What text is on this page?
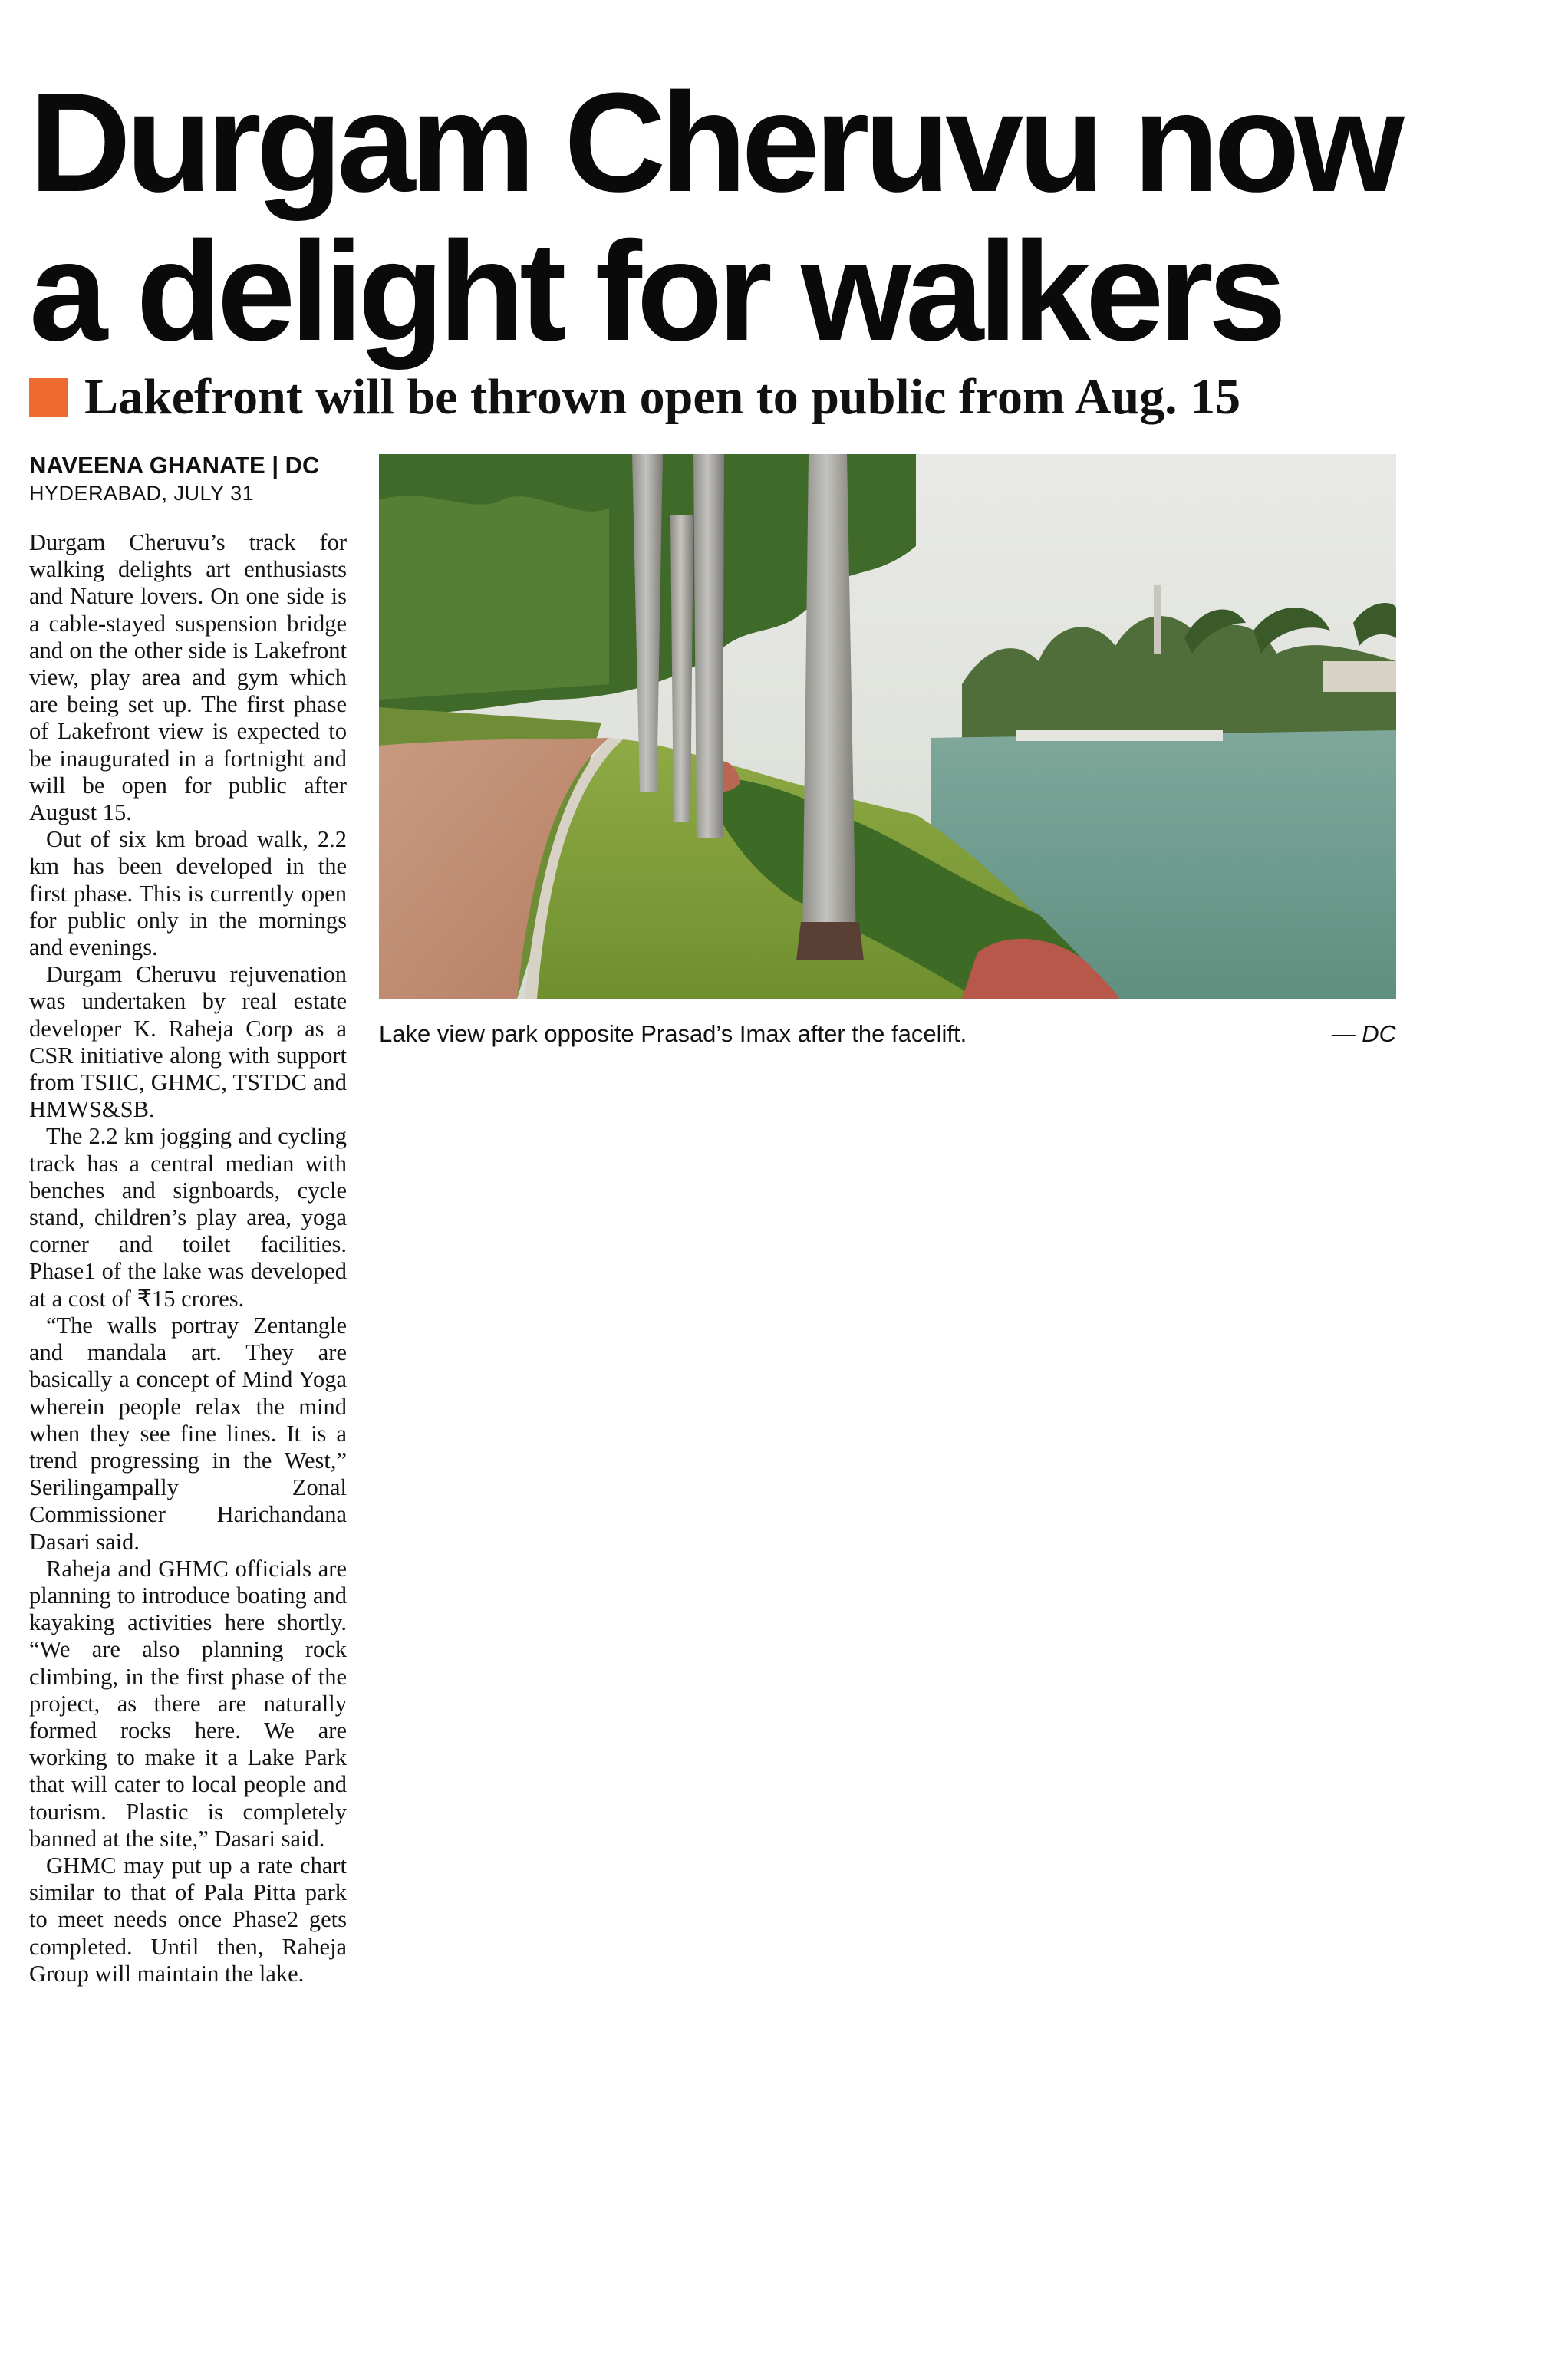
Durgam Cheruvu now
a delight for walkers
Lakefront will be thrown open to public from Aug. 15
NAVEENA GHANATE | DC
HYDERABAD, JULY 31

Durgam Cheruvu’s track for walking delights art enthusiasts and Nature lovers. On one side is a cable-stayed suspension bridge and on the other side is Lakefront view, play area and gym which are being set up. The first phase of Lakefront view is expected to be inaugurated in a fortnight and will be open for public after August 15.

Out of six km broad walk, 2.2 km has been developed in the first phase. This is currently open for public only in the mornings and evenings.

Durgam Cheruvu rejuvenation was undertaken by real estate developer K. Raheja Corp as a CSR initiative along with support from TSIIC, GHMC, TSTDC and HMWS&SB.

The 2.2 km jogging and cycling track has a central median with benches and signboards, cycle stand, children’s play area, yoga corner and toilet facilities. Phase1 of the lake was developed at a cost of ₹15 crores.

“The walls portray Zentangle and mandala art. They are basically a concept of Mind Yoga wherein people relax the mind when they see fine lines. It is a trend progressing in the West,” Serilingampally Zonal Commissioner Harichandana Dasari said.

Raheja and GHMC officials are planning to introduce boating and kayaking activities here shortly. “We are also planning rock climbing, in the first phase of the project, as there are naturally formed rocks here. We are working to make it a Lake Park that will cater to local people and tourism. Plastic is completely banned at the site,” Dasari said.

GHMC may put up a rate chart similar to that of Pala Pitta park to meet needs once Phase2 gets completed. Until then, Raheja Group will maintain the lake.

Lake view park opposite Prasad’s Imax after the facelift.	— DC
